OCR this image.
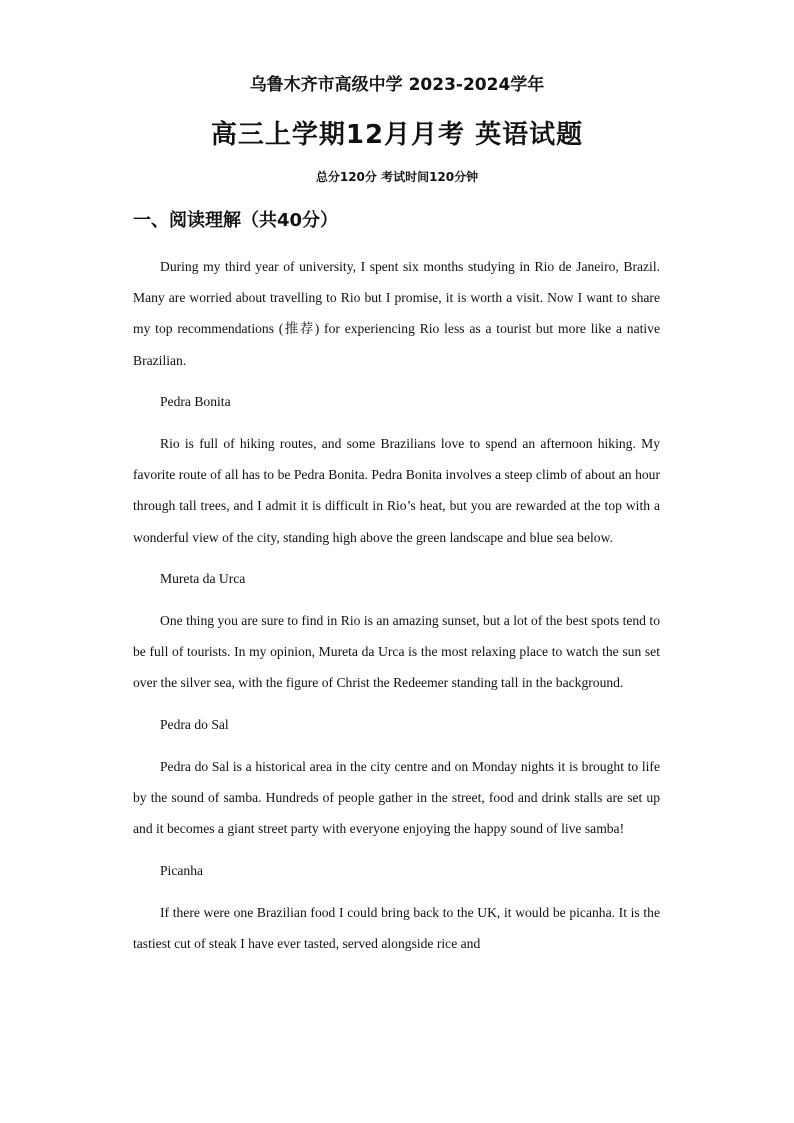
乌鲁木齐市高级中学 2023-2024学年
高三上学期12月月考 英语试题
总分120分 考试时间120分钟
一、阅读理解（共40分）

During my third year of university, I spent six months studying in Rio de Janeiro, Brazil. Many are worried about travelling to Rio but I promise, it is worth a visit. Now I want to share my top recommendations (推荐) for experiencing Rio less as a tourist but more like a native Brazilian.

Pedra Bonita

Rio is full of hiking routes, and some Brazilians love to spend an afternoon hiking. My favorite route of all has to be Pedra Bonita. Pedra Bonita involves a steep climb of about an hour through tall trees, and I admit it is difficult in Rio’s heat, but you are rewarded at the top with a wonderful view of the city, standing high above the green landscape and blue sea below.

Mureta da Urca

One thing you are sure to find in Rio is an amazing sunset, but a lot of the best spots tend to be full of tourists. In my opinion, Mureta da Urca is the most relaxing place to watch the sun set over the silver sea, with the figure of Christ the Redeemer standing tall in the background.

Pedra do Sal

Pedra do Sal is a historical area in the city centre and on Monday nights it is brought to life by the sound of samba. Hundreds of people gather in the street, food and drink stalls are set up and it becomes a giant street party with everyone enjoying the happy sound of live samba!

Picanha

If there were one Brazilian food I could bring back to the UK, it would be picanha. It is the tastiest cut of steak I have ever tasted, served alongside rice and
